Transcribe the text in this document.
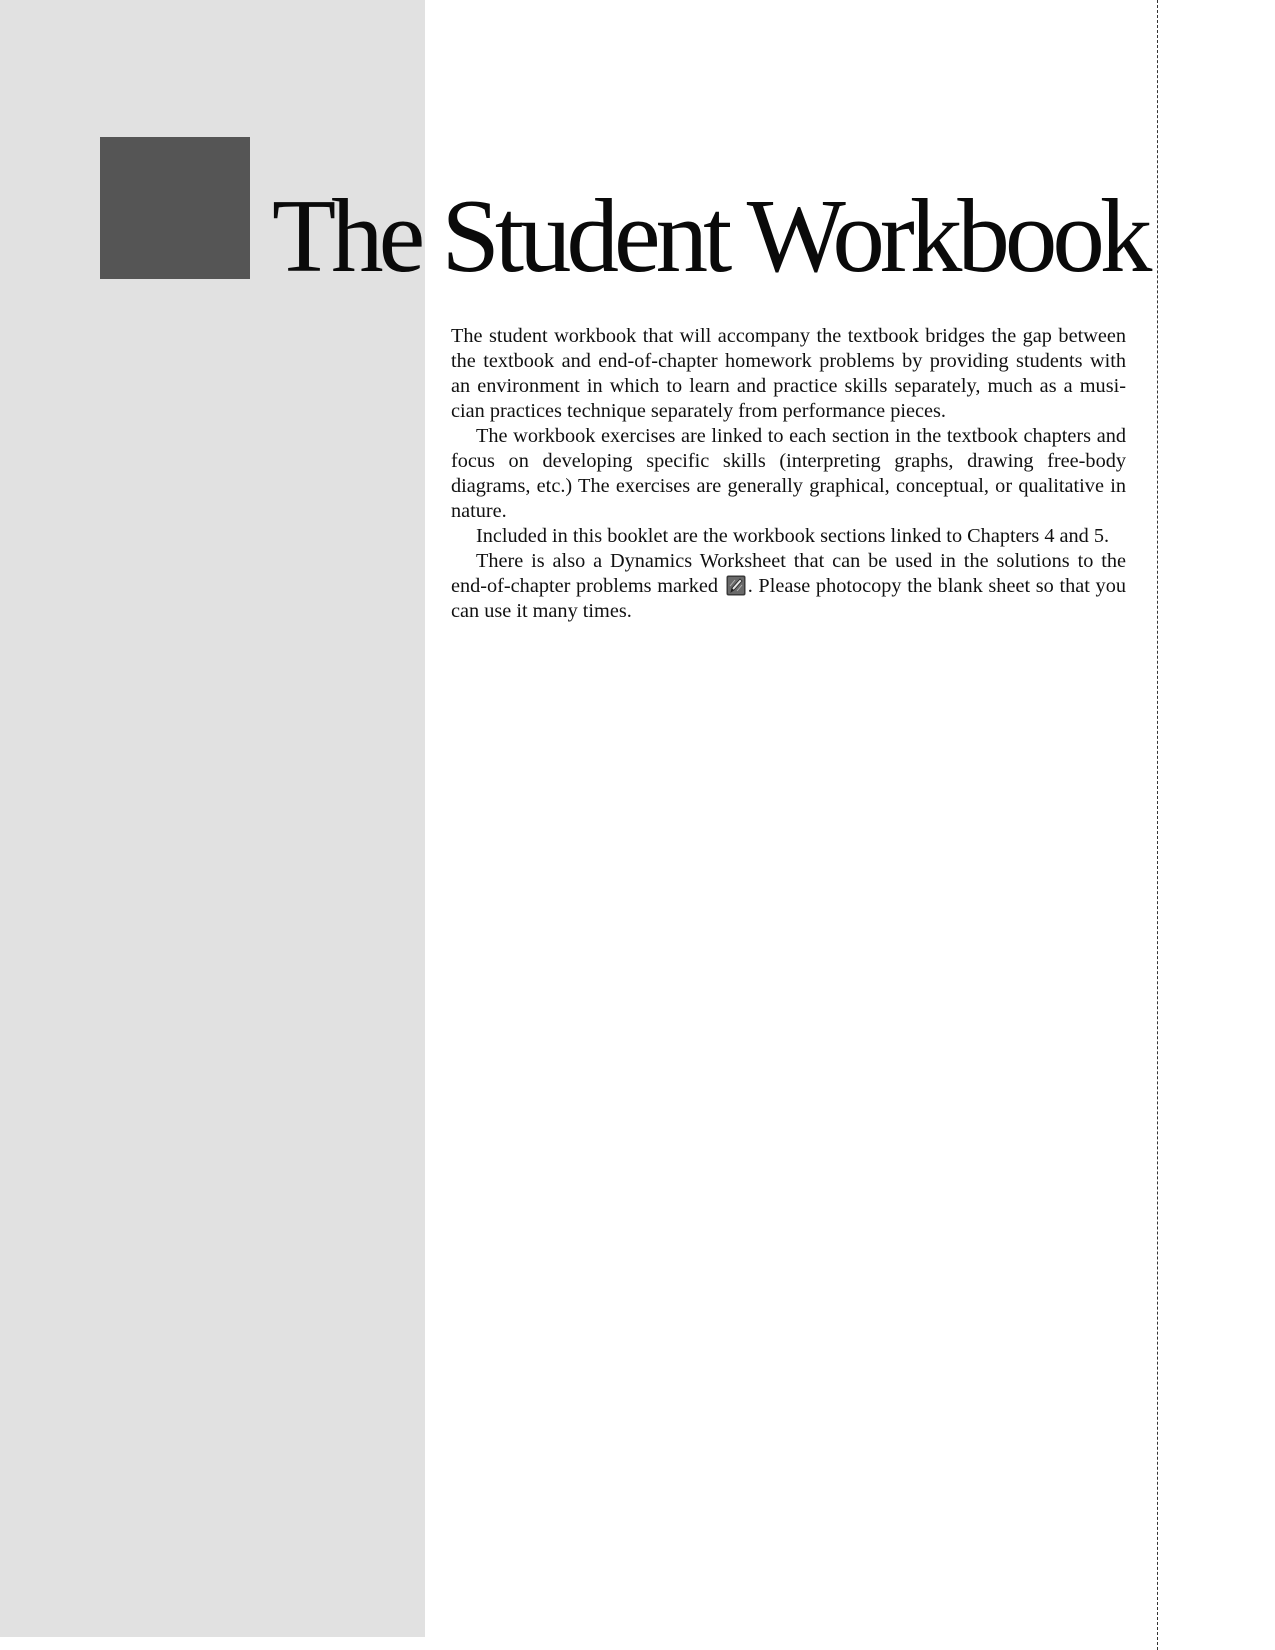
The Student Workbook

The student workbook that will accompany the textbook bridges the gap between the textbook and end-of-chapter homework problems by providing students with an environment in which to learn and practice skills separately, much as a musician practices technique separately from performance pieces.

The workbook exercises are linked to each section in the textbook chapters and focus on developing specific skills (interpreting graphs, drawing free-body diagrams, etc.) The exercises are generally graphical, conceptual, or qualitative in nature.

Included in this booklet are the workbook sections linked to Chapters 4 and 5.

There is also a Dynamics Worksheet that can be used in the solutions to the end-of-chapter problems marked
. Please photocopy the blank sheet so that you can use it many times.
